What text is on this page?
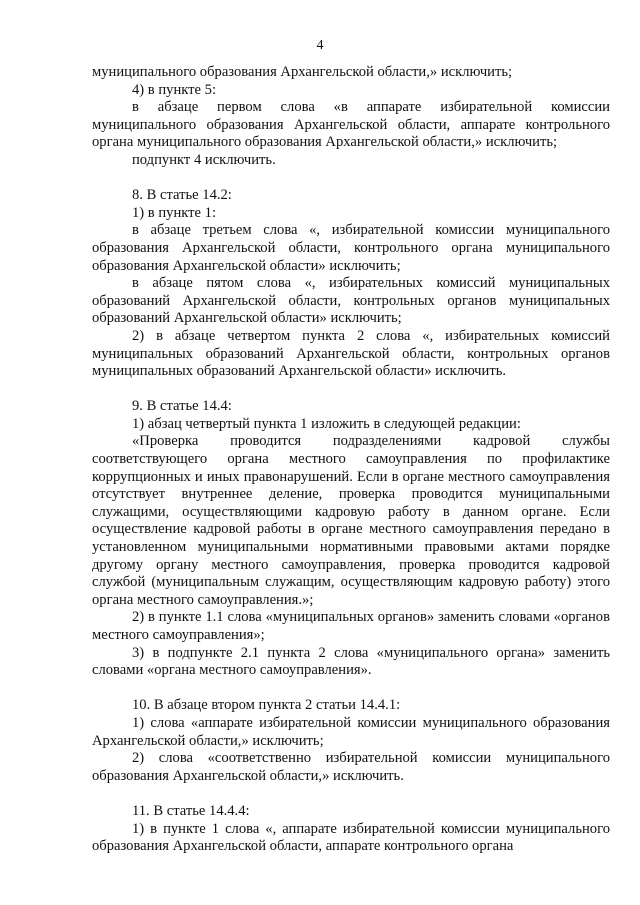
4

муниципального образования Архангельской области,» исключить;

4) в пункте 5:

в абзаце первом слова «в аппарате избирательной комиссии муниципального образования Архангельской области, аппарате контрольного органа муниципального образования Архангельской области,» исключить;

подпункт 4 исключить.

8. В статье 14.2:

1) в пункте 1:

в абзаце третьем слова «, избирательной комиссии муниципального образования Архангельской области, контрольного органа муниципального образования Архангельской области» исключить;

в абзаце пятом слова «, избирательных комиссий муниципальных образований Архангельской области, контрольных органов муниципальных образований Архангельской области» исключить;

2) в абзаце четвертом пункта 2 слова «, избирательных комиссий муниципальных образований Архангельской области, контрольных органов муниципальных образований Архангельской области» исключить.

9. В статье 14.4:

1) абзац четвертый пункта 1 изложить в следующей редакции:

«Проверка проводится подразделениями кадровой службы соответствующего органа местного самоуправления по профилактике коррупционных и иных правонарушений. Если в органе местного самоуправления отсутствует внутреннее деление, проверка проводится муниципальными служащими, осуществляющими кадровую работу в данном органе. Если осуществление кадровой работы в органе местного самоуправления передано в установленном муниципальными нормативными правовыми актами порядке другому органу местного самоуправления, проверка проводится кадровой службой (муниципальным служащим, осуществляющим кадровую работу) этого органа местного самоуправления.»;

2) в пункте 1.1 слова «муниципальных органов» заменить словами «органов местного самоуправления»;

3) в подпункте 2.1 пункта 2 слова «муниципального органа» заменить словами «органа местного самоуправления».

10. В абзаце втором пункта 2 статьи 14.4.1:

1) слова «аппарате избирательной комиссии муниципального образования Архангельской области,» исключить;

2) слова «соответственно избирательной комиссии муниципального образования Архангельской области,» исключить.

11. В статье 14.4.4:

1) в пункте 1 слова «, аппарате избирательной комиссии муниципального образования Архангельской области, аппарате контрольного органа
